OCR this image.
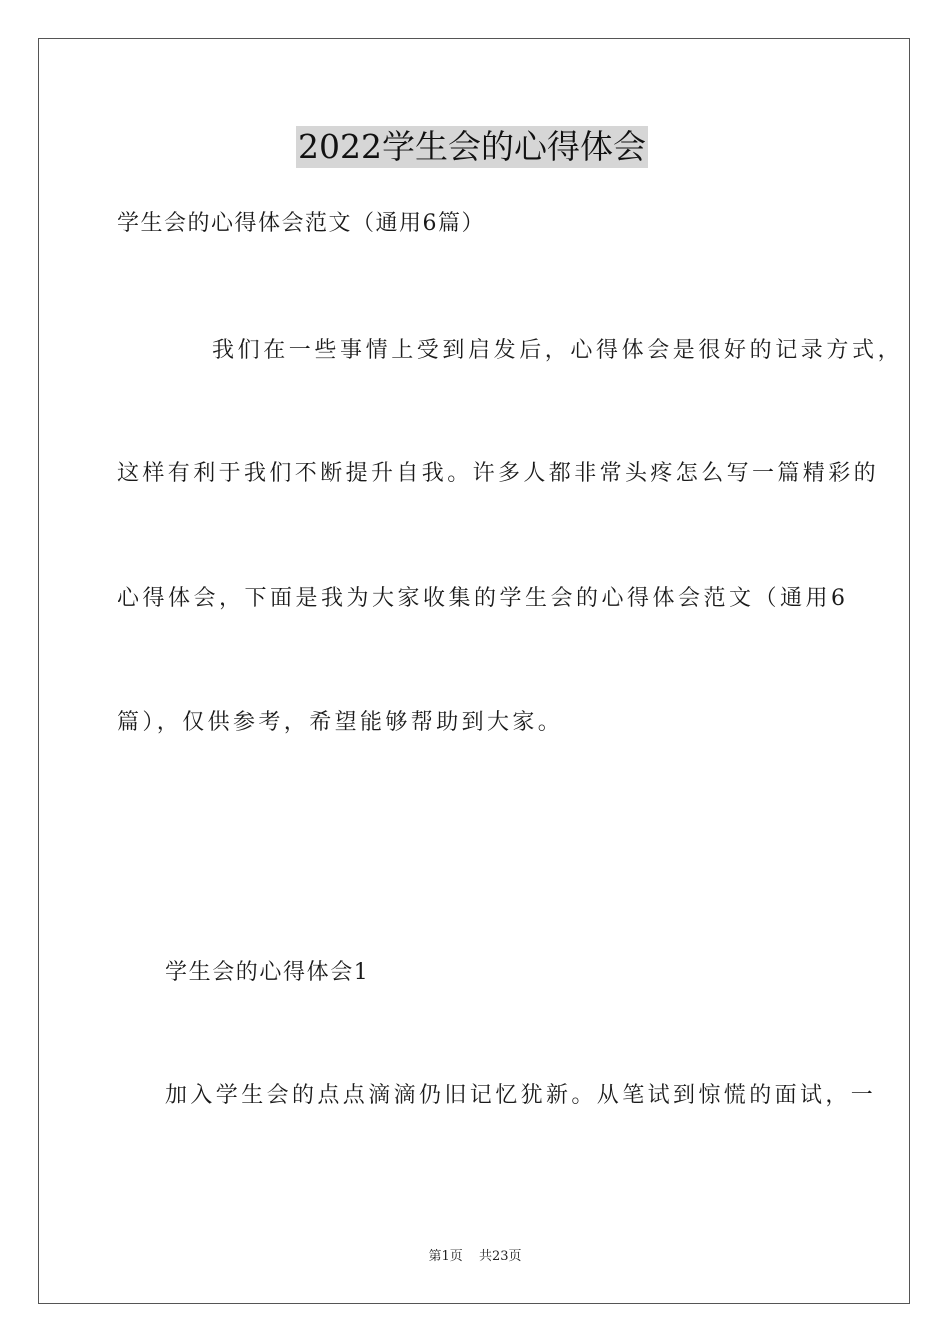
2022学生会的心得体会
学生会的心得体会范文（通用6篇）
我们在一些事情上受到启发后，心得体会是很好的记录方式，
这样有利于我们不断提升自我。许多人都非常头疼怎么写一篇精彩的
心得体会，下面是我为大家收集的学生会的心得体会范文（通用6
篇），仅供参考，希望能够帮助到大家。
学生会的心得体会1
加入学生会的点点滴滴仍旧记忆犹新。从笔试到惊慌的面试，一
第1页 共23页
